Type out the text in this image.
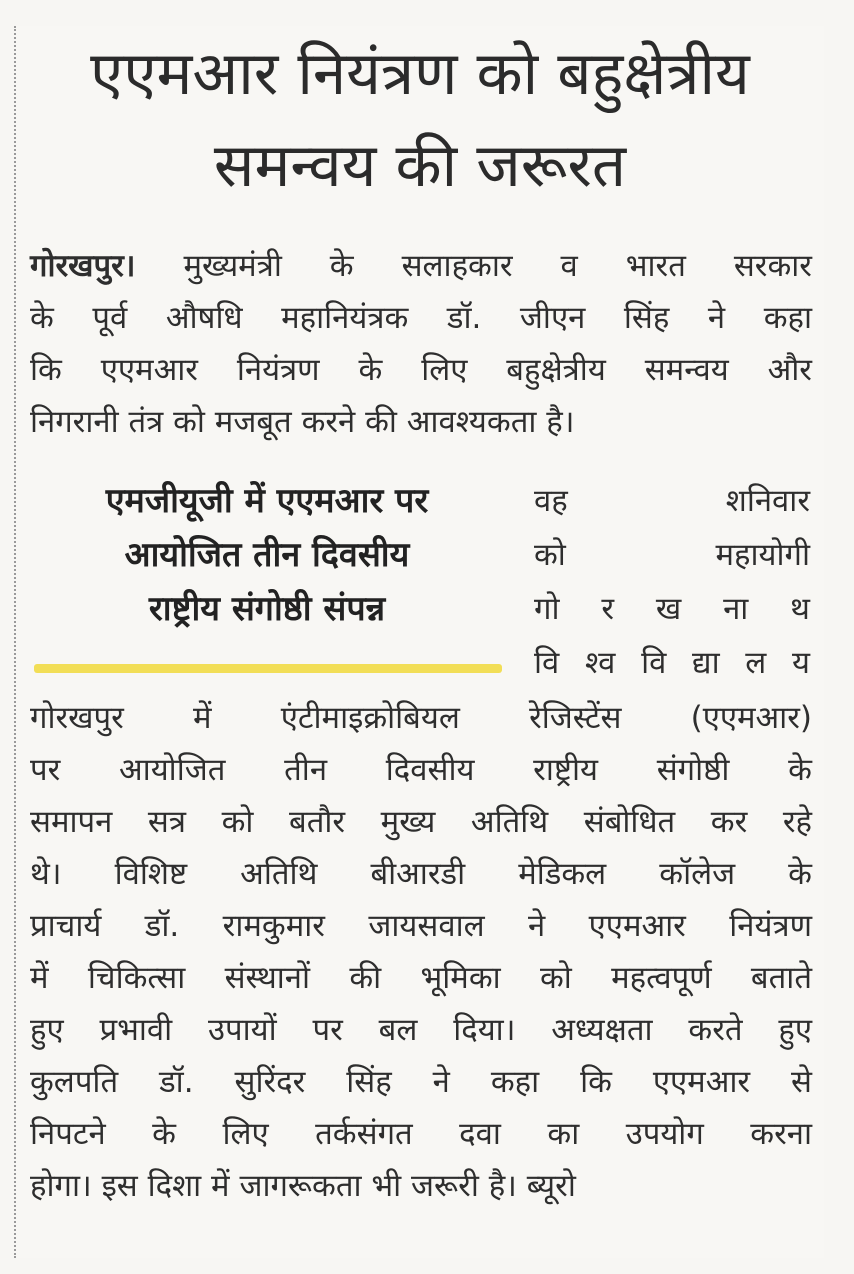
एएमआर नियंत्रण को बहुक्षेत्रीय
समन्वय की जरूरत
गोरखपुर। मुख्यमंत्री के सलाहकार व भारत सरकार
के पूर्व औषधि महानियंत्रक डॉ. जीएन सिंह ने कहा
कि एएमआर नियंत्रण के लिए बहुक्षेत्रीय समन्वय और
निगरानी तंत्र को मजबूत करने की आवश्यकता है।
एमजीयूजी में एएमआर पर
आयोजित तीन दिवसीय
राष्ट्रीय संगोष्ठी संपन्न
वह शनिवार
को महायोगी
गो र ख ना थ
वि श्व वि द्या ल य
गोरखपुर में एंटीमाइक्रोबियल रेजिस्टेंस (एएमआर)
पर आयोजित तीन दिवसीय राष्ट्रीय संगोष्ठी के
समापन सत्र को बतौर मुख्य अतिथि संबोधित कर रहे
थे। विशिष्ट अतिथि बीआरडी मेडिकल कॉलेज के
प्राचार्य डॉ. रामकुमार जायसवाल ने एएमआर नियंत्रण
में चिकित्सा संस्थानों की भूमिका को महत्वपूर्ण बताते
हुए प्रभावी उपायों पर बल दिया। अध्यक्षता करते हुए
कुलपति डॉ. सुरिंदर सिंह ने कहा कि एएमआर से
निपटने के लिए तर्कसंगत दवा का उपयोग करना
होगा। इस दिशा में जागरूकता भी जरूरी है। ब्यूरो
